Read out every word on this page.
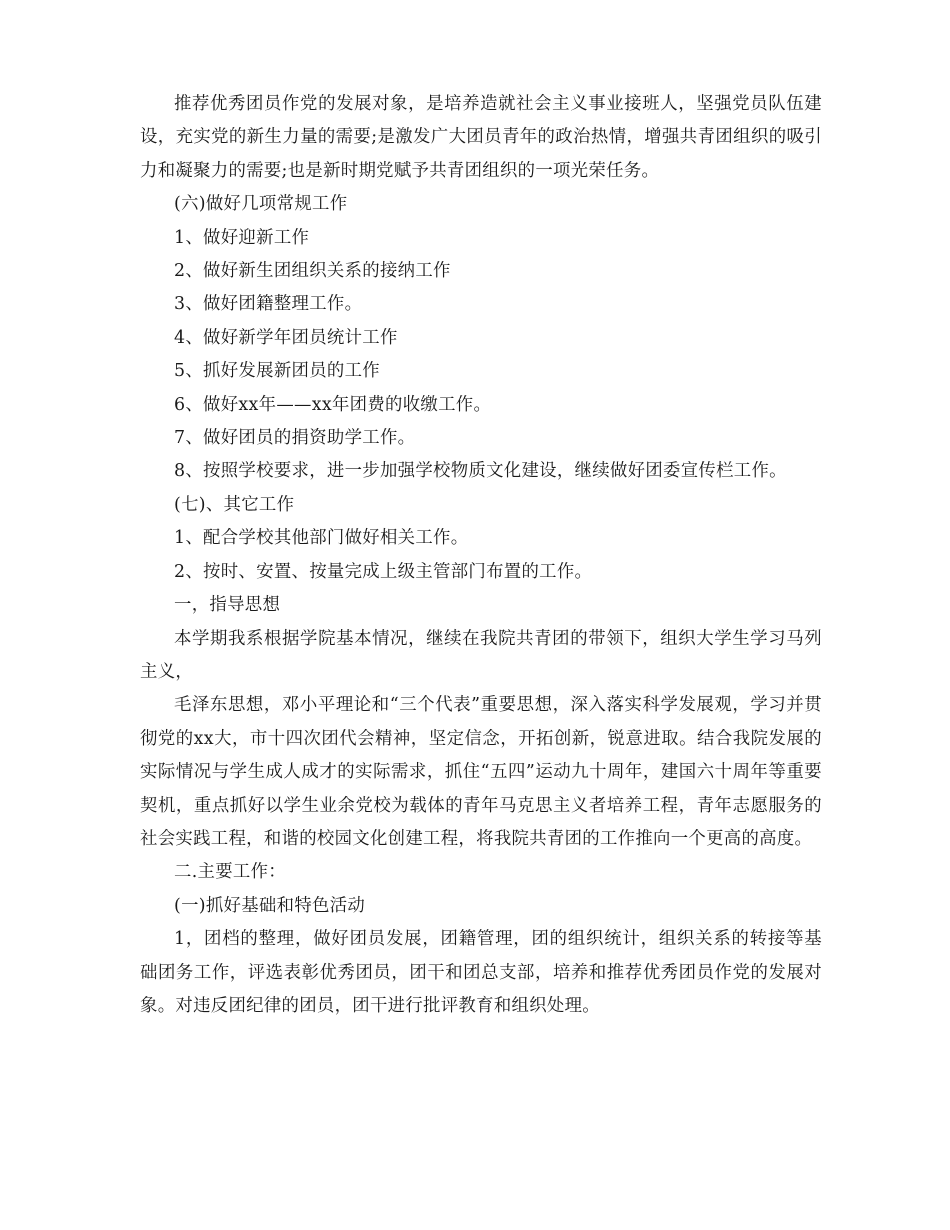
推荐优秀团员作党的发展对象，是培养造就社会主义事业接班人，坚强党员队伍建设，充实党的新生力量的需要;是激发广大团员青年的政治热情，增强共青团组织的吸引力和凝聚力的需要;也是新时期党赋予共青团组织的一项光荣任务。

(六)做好几项常规工作

1、做好迎新工作

2、做好新生团组织关系的接纳工作

3、做好团籍整理工作。

4、做好新学年团员统计工作

5、抓好发展新团员的工作

6、做好xx年——xx年团费的收缴工作。

7、做好团员的捐资助学工作。

8、按照学校要求，进一步加强学校物质文化建设，继续做好团委宣传栏工作。

(七)、其它工作

1、配合学校其他部门做好相关工作。

2、按时、安置、按量完成上级主管部门布置的工作。

一，指导思想

本学期我系根据学院基本情况，继续在我院共青团的带领下，组织大学生学习马列主义，

毛泽东思想，邓小平理论和“三个代表”重要思想，深入落实科学发展观，学习并贯彻党的xx大，市十四次团代会精神，坚定信念，开拓创新，锐意进取。结合我院发展的实际情况与学生成人成才的实际需求，抓住“五四”运动九十周年，建国六十周年等重要契机，重点抓好以学生业余党校为载体的青年马克思主义者培养工程，青年志愿服务的社会实践工程，和谐的校园文化创建工程，将我院共青团的工作推向一个更高的高度。

二.主要工作：

(一)抓好基础和特色活动

1，团档的整理，做好团员发展，团籍管理，团的组织统计，组织关系的转接等基础团务工作，评选表彰优秀团员，团干和团总支部，培养和推荐优秀团员作党的发展对象。对违反团纪律的团员，团干进行批评教育和组织处理。
